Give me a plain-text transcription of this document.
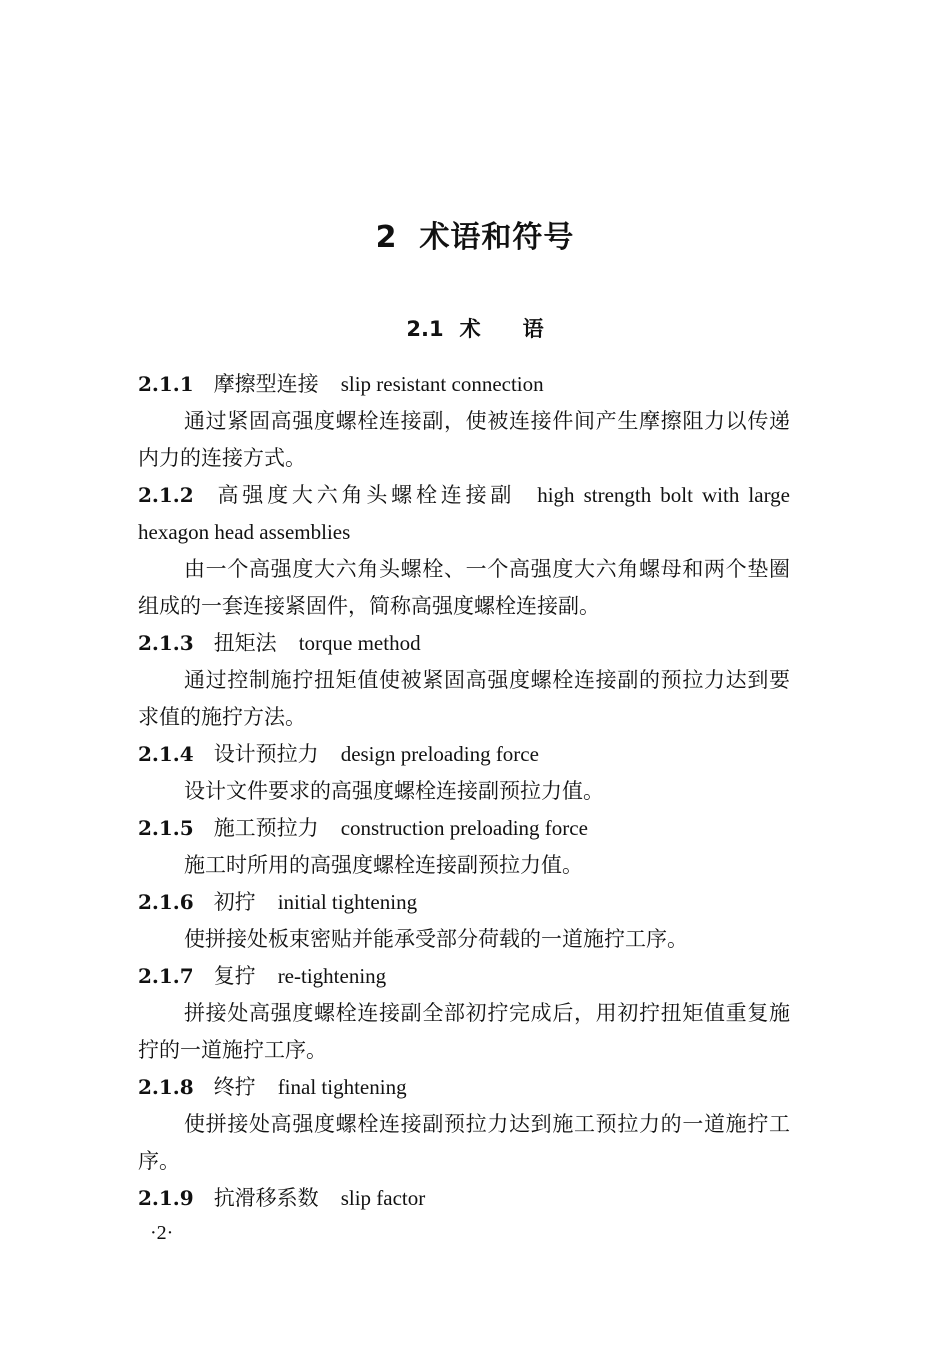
2 术语和符号
2.1 术 语
2.1.1 摩擦型连接 slip resistant connection
通过紧固高强度螺栓连接副，使被连接件间产生摩擦阻力以传递内力的连接方式。
2.1.2 高强度大六角头螺栓连接副 high strength bolt with large hexagon head assemblies
由一个高强度大六角头螺栓、一个高强度大六角螺母和两个垫圈组成的一套连接紧固件，简称高强度螺栓连接副。
2.1.3 扭矩法 torque method
通过控制施拧扭矩值使被紧固高强度螺栓连接副的预拉力达到要求值的施拧方法。
2.1.4 设计预拉力 design preloading force
设计文件要求的高强度螺栓连接副预拉力值。
2.1.5 施工预拉力 construction preloading force
施工时所用的高强度螺栓连接副预拉力值。
2.1.6 初拧 initial tightening
使拼接处板束密贴并能承受部分荷载的一道施拧工序。
2.1.7 复拧 re-tightening
拼接处高强度螺栓连接副全部初拧完成后，用初拧扭矩值重复施拧的一道施拧工序。
2.1.8 终拧 final tightening
使拼接处高强度螺栓连接副预拉力达到施工预拉力的一道施拧工序。
2.1.9 抗滑移系数 slip factor
·2·
